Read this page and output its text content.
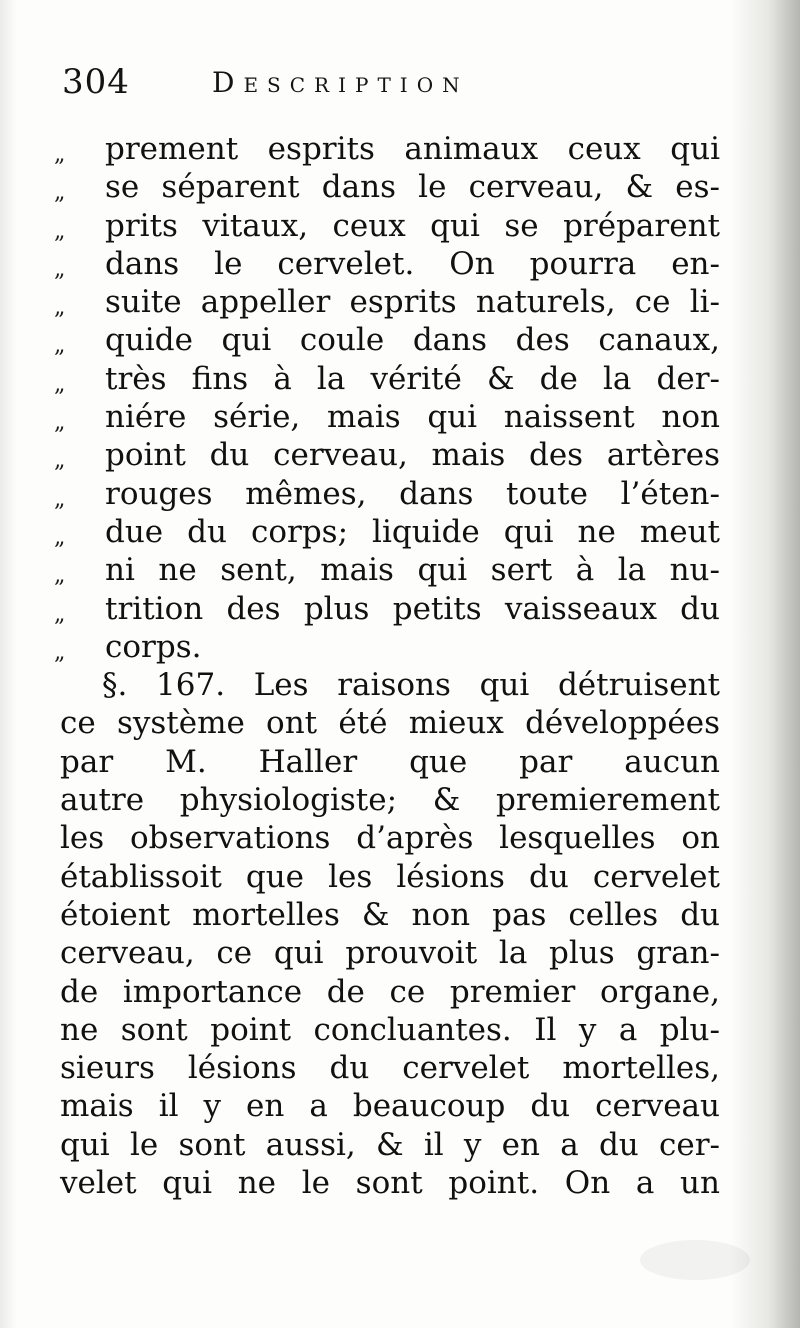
304	Description
„ prement esprits animaux ceux qui
„ se séparent dans le cerveau, & es-
„ prits vitaux, ceux qui se préparent
„ dans le cervelet. On pourra en-
„ suite appeller esprits naturels, ce li-
„ quide qui coule dans des canaux,
„ très fins à la vérité & de la der-
„ niére série, mais qui naissent non
„ point du cerveau, mais des artères
„ rouges mêmes, dans toute l’éten-
„ due du corps; liquide qui ne meut
„ ni ne sent, mais qui sert à la nu-
„ trition des plus petits vaisseaux du
„ corps.
§. 167. Les raisons qui détruisent
ce système ont été mieux développées
par M. Haller que par aucun
autre physiologiste; & premierement
les observations d’après lesquelles on
établissoit que les lésions du cervelet
étoient mortelles & non pas celles du
cerveau, ce qui prouvoit la plus gran-
de importance de ce premier organe,
ne sont point concluantes. Il y a plu-
sieurs lésions du cervelet mortelles,
mais il y en a beaucoup du cerveau
qui le sont aussi, & il y en a du cer-
velet qui ne le sont point. On a un
